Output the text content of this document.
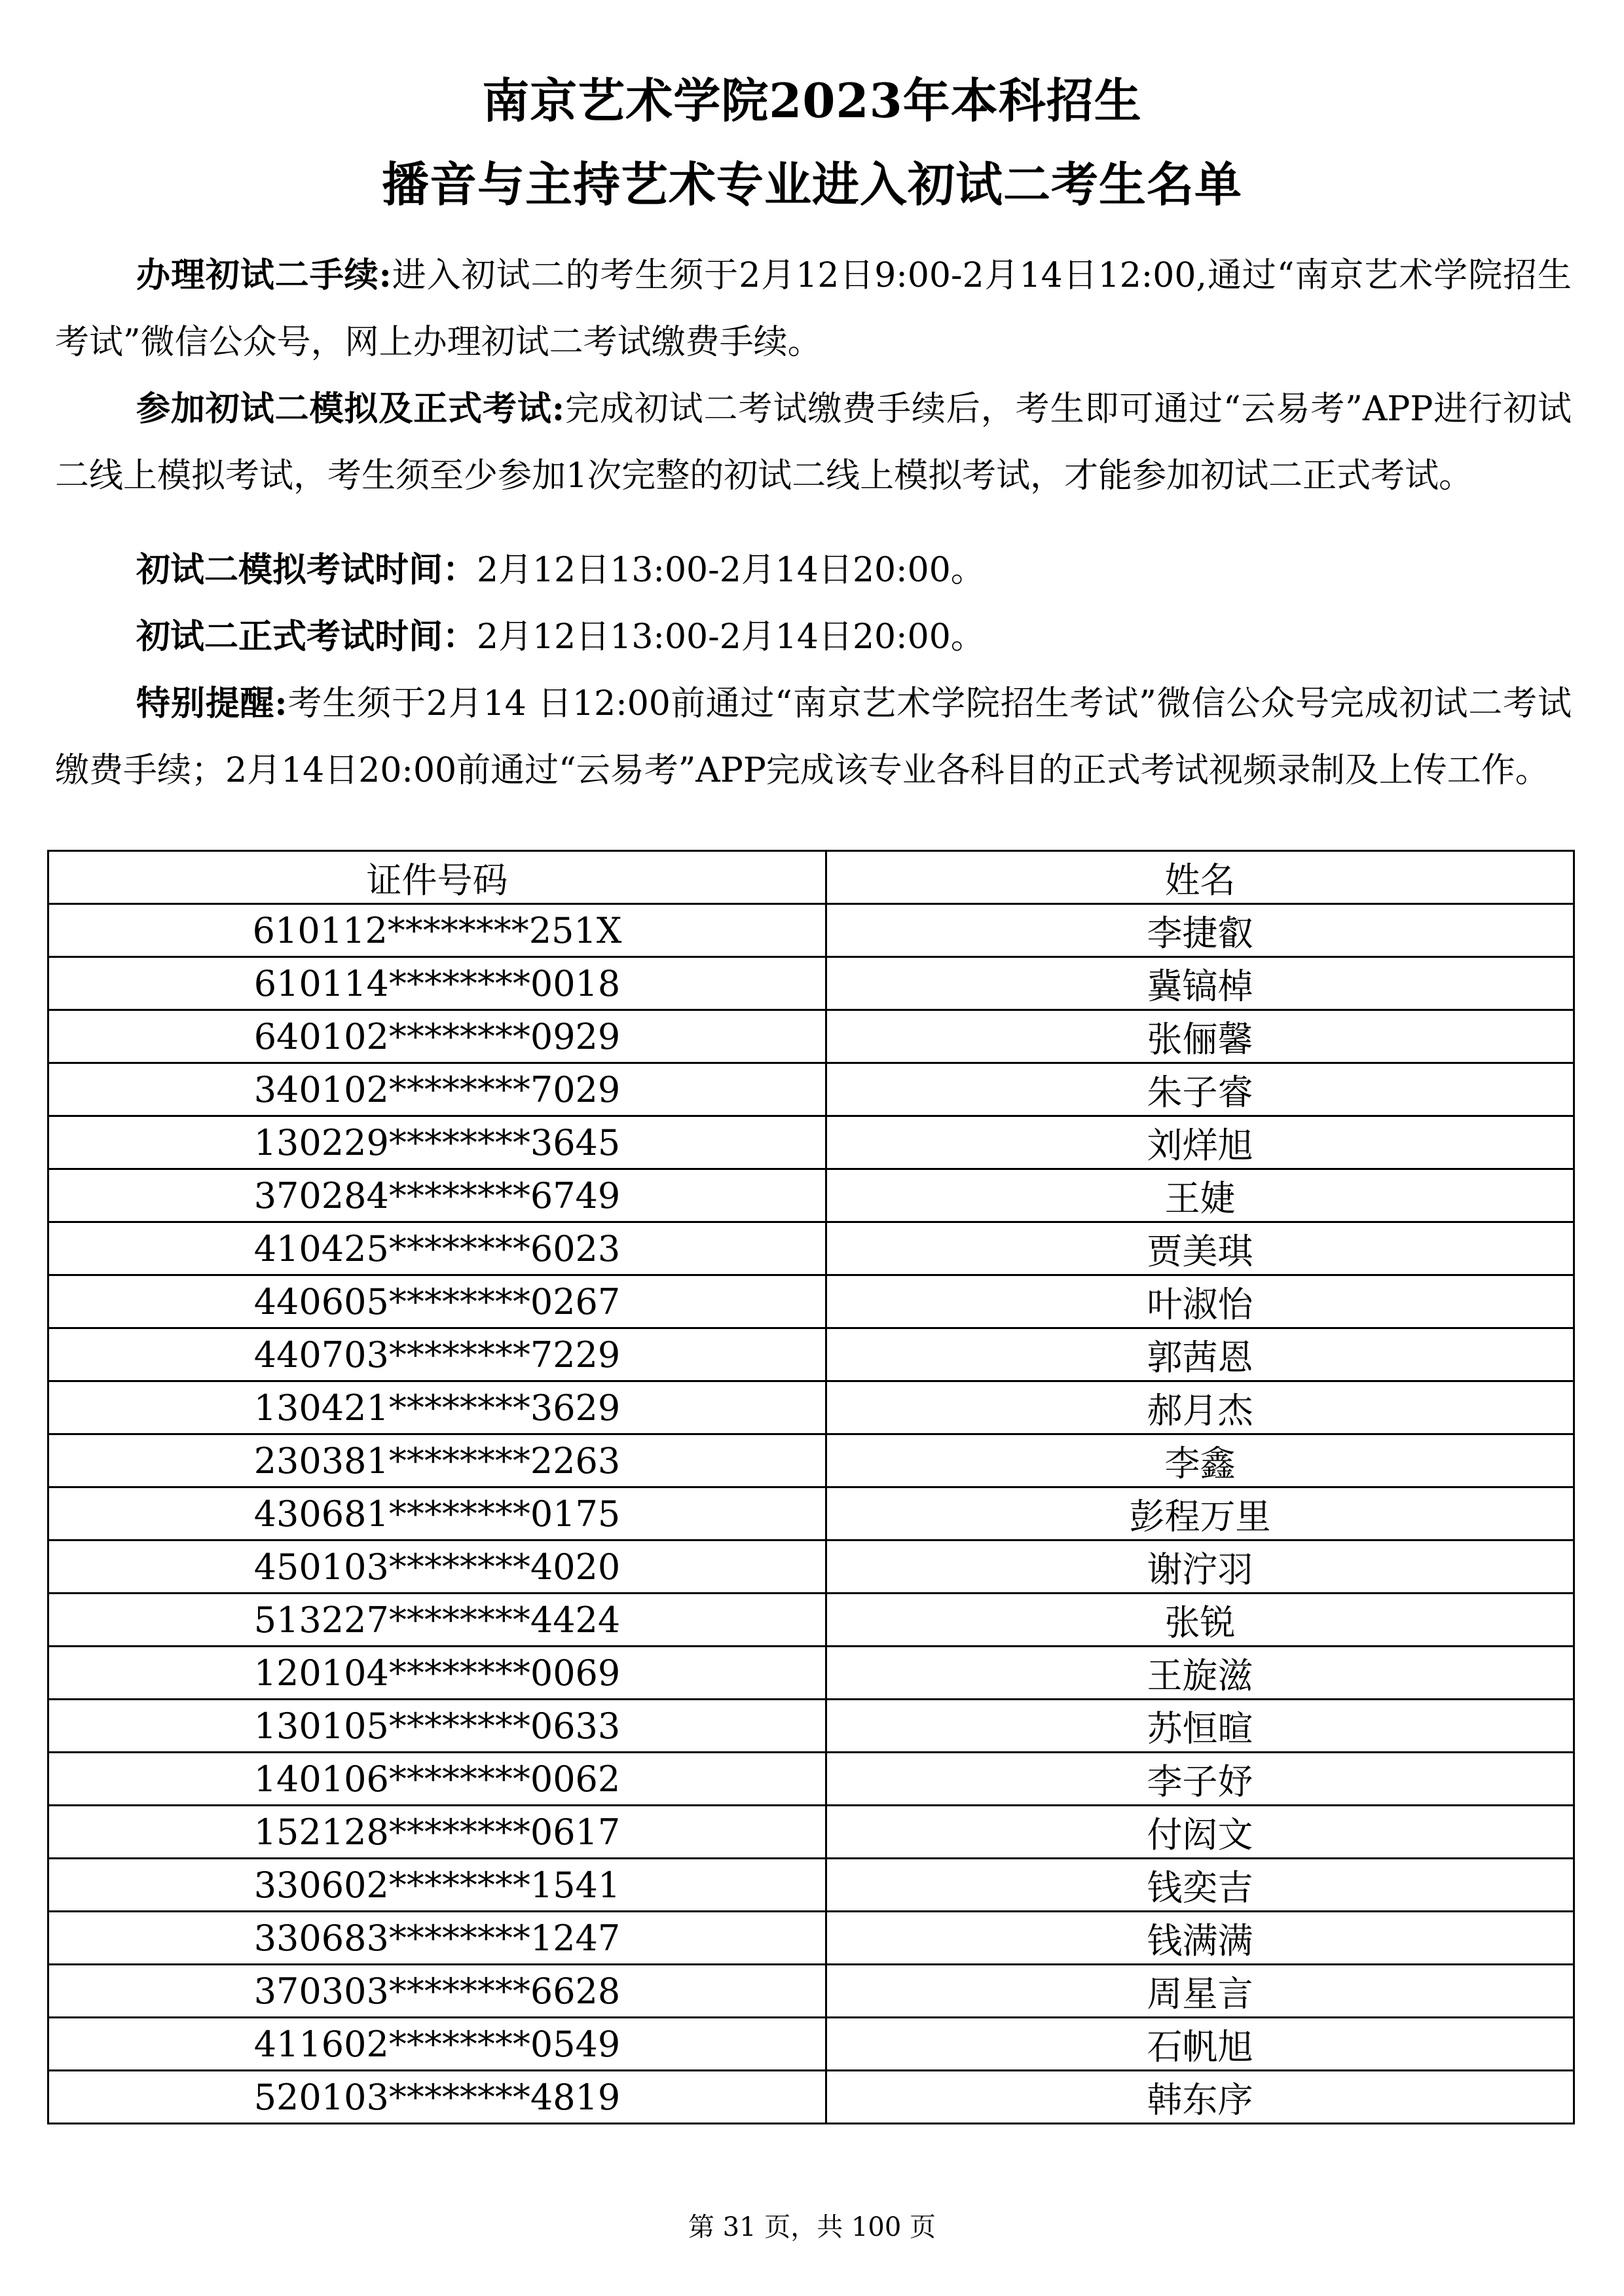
南京艺术学院2023年本科招生
播音与主持艺术专业进入初试二考生名单
办理初试二手续:进入初试二的考生须于2月12日9:00-2月14日12:00,通过“南京艺术学院招生考试”微信公众号，网上办理初试二考试缴费手续。
参加初试二模拟及正式考试:完成初试二考试缴费手续后，考生即可通过“云易考”APP进行初试二线上模拟考试，考生须至少参加1次完整的初试二线上模拟考试，才能参加初试二正式考试。
初试二模拟考试时间：2月12日13:00-2月14日20:00。
初试二正式考试时间：2月12日13:00-2月14日20:00。
特别提醒:考生须于2月14 日12:00前通过“南京艺术学院招生考试”微信公众号完成初试二考试缴费手续；2月14日20:00前通过“云易考”APP完成该专业各科目的正式考试视频录制及上传工作。
证件号码	姓名
610112********251X	李捷叡
610114********0018	冀镐棹
640102********0929	张俪馨
340102********7029	朱子睿
130229********3645	刘烊旭
370284********6749	王婕
410425********6023	贾美琪
440605********0267	叶淑怡
440703********7229	郭茜恩
130421********3629	郝月杰
230381********2263	李鑫
430681********0175	彭程万里
450103********4020	谢泞羽
513227********4424	张锐
120104********0069	王旋滋
130105********0633	苏恒暄
140106********0062	李子妤
152128********0617	付闳文
330602********1541	钱奕吉
330683********1247	钱满满
370303********6628	周星言
411602********0549	石帆旭
520103********4819	韩东序
第 31 页，共 100 页
